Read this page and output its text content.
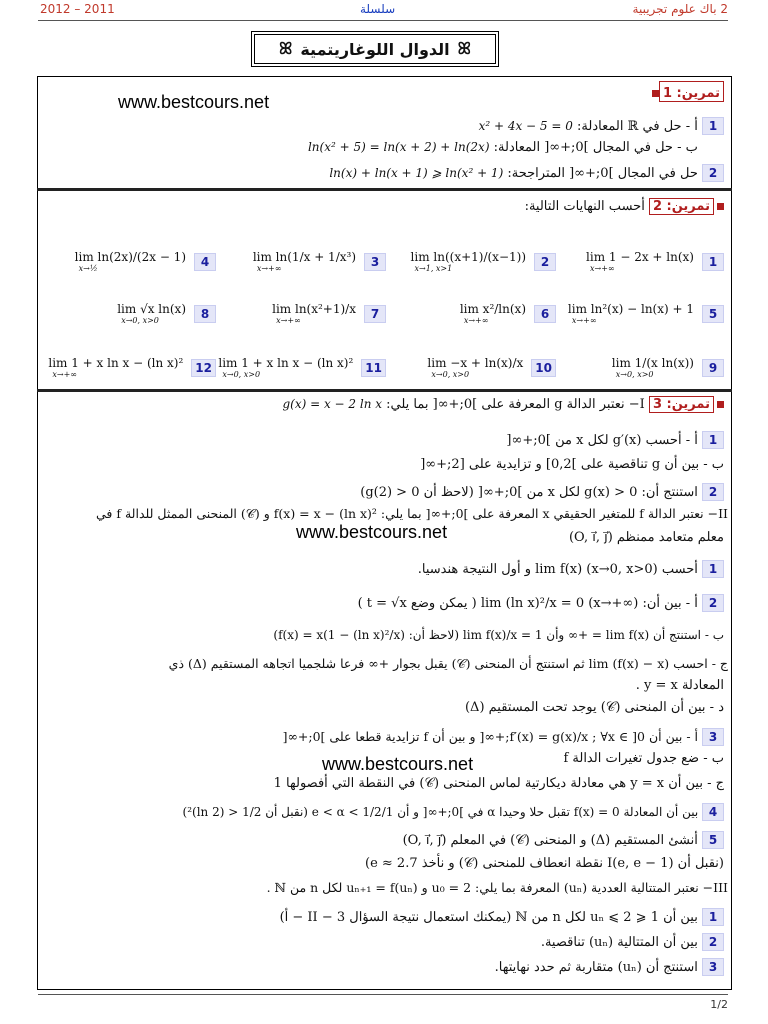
2012 – 2011	سلسلة	2 باك علوم تجريبية
ꕤ
الدوال اللوغاريتمية
ꕤ
تمرين: 1
www.bestcours.net
1 أ - حل في ℝ المعادلة: x² + 4x − 5 = 0
ب - حل في المجال ]0;+∞[ المعادلة: ln(x² + 5) = ln(x + 2) + ln(2x)
2 حل في المجال ]0;+∞[ المتراجحة: ln(x) + ln(x + 1) ⩾ ln(x² + 1)
تمرين: 2 أحسب النهايات التالية:
1
lim 1 − 2x + ln(x)
x→+∞
2
lim ln((x+1)/(x−1))
x→1, x>1
3
lim ln(1/x + 1/x³)
x→+∞
4
lim ln(2x)/(2x − 1)
x→½
5
lim ln²(x) − ln(x) + 1
x→+∞
6
lim x²/ln(x)
x→+∞
7
lim ln(x²+1)/x
x→+∞
8
lim √x ln(x)
x→0, x>0
9
lim 1/(x ln(x))
x→0, x>0
10
lim −x + ln(x)/x
x→0, x>0
11
lim 1 + x ln x − (ln x)²
x→0, x>0
12
lim 1 + x ln x − (ln x)²
x→+∞
تمرين: 3 I− نعتبر الدالة g المعرفة على ]0;+∞[ بما يلي: g(x) = x − 2 ln x
1 أ - أحسب g′(x) لكل x من ]0;+∞[
ب - بين أن g تناقصية على ]0,2] و تزايدية على [2;+∞[
2 استنتج أن: g(x) > 0 لكل x من ]0;+∞[ (لاحظ أن g(2) > 0)
II− نعتبر الدالة f للمتغير الحقيقي x المعرفة على ]0;+∞[ بما يلي: f(x) = x − (ln x)² و (𝒞) المنحنى الممثل للدالة f في
معلم متعامد ممنظم (O, i⃗, j⃗)
www.bestcours.net
1 أحسب lim f(x) (x→0, x>0) و أول النتيجة هندسيا.
2 أ - بين أن: lim (ln x)²/x = 0 (x→+∞) ( يمكن وضع t = √x )
ب - استنتج أن lim f(x) = +∞ وأن lim f(x)/x = 1 (لاحظ أن: f(x) = x(1 − (ln x)²/x))
ج - احسب lim (f(x) − x) ثم استنتج أن المنحنى (𝒞) يقبل بجوار +∞ فرعا شلجميا اتجاهه المستقيم (Δ) ذي
المعادلة y = x .
د - بين أن المنحنى (𝒞) يوجد تحت المستقيم (Δ)
3 أ - بين أن f′(x) = g(x)/x ; ∀x ∈ ]0;+∞[ و بين أن f تزايدية قطعا على ]0;+∞[
ب - ضع جدول تغيرات الدالة f
www.bestcours.net
ج - بين أن y = x هي معادلة ديكارتية لماس المنحنى (𝒞) في النقطة التي أفصولها 1
4 بين أن المعادلة f(x) = 0 تقبل حلا وحيدا α في ]0;+∞[ و أن 1/e < α < 1/2 (نقبل أن 1/2 < (ln 2)²)
5 أنشئ المستقيم (Δ) و المنحنى (𝒞) في المعلم (O, i⃗, j⃗)
(نقبل أن I(e, e − 1) نقطة انعطاف للمنحنى (𝒞) و نأخذ e ≈ 2.7)
III− نعتبر المتتالية العددية (uₙ) المعرفة بما يلي: u₀ = 2 و uₙ₊₁ = f(uₙ) لكل n من ℕ .
1 بين أن 1 ⩽ uₙ ⩽ 2 لكل n من ℕ (يمكنك استعمال نتيجة السؤال II − 3 − أ)
2 بين أن المتتالية (uₙ) تناقصية.
3 استنتج أن (uₙ) متقاربة ثم حدد نهايتها.
1/2
